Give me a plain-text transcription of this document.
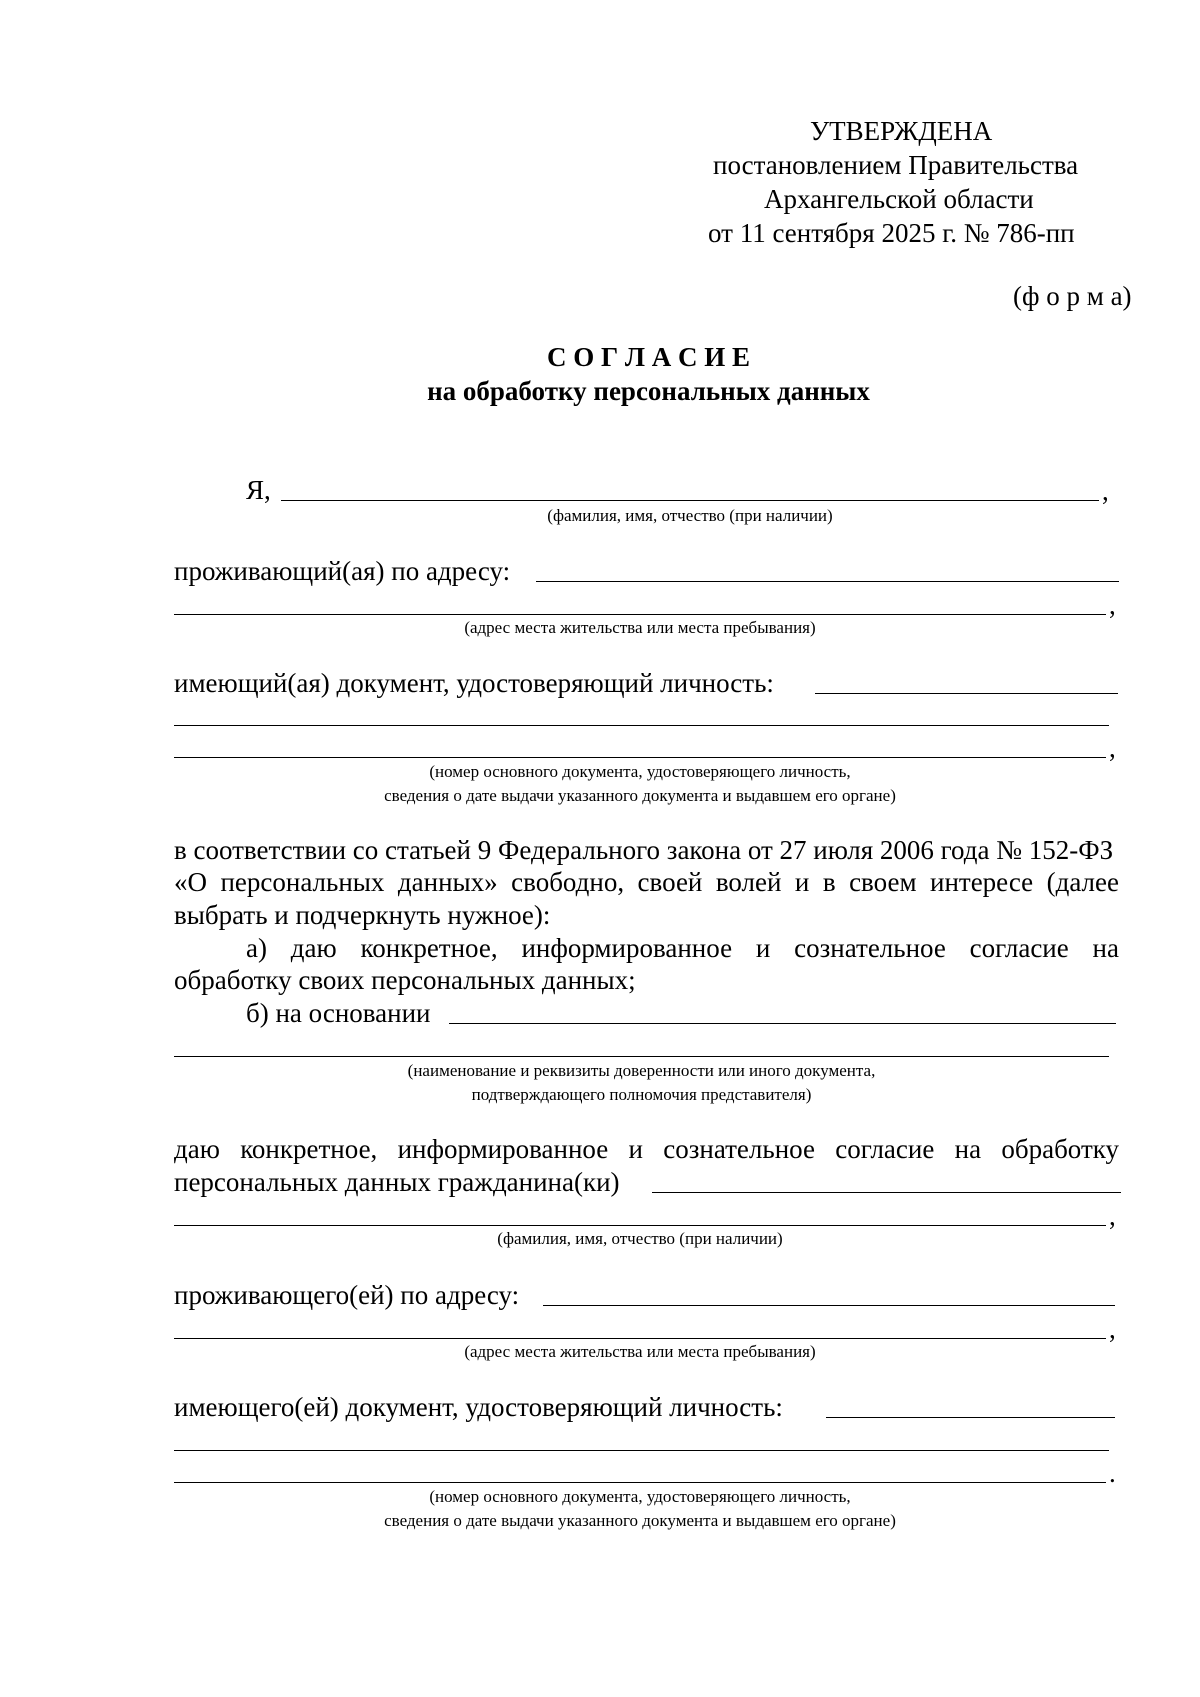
УТВЕРЖДЕНА
постановлением Правительства
Архангельской области
от 11 сентября 2025 г. № 786-пп
(ф о р м а)
С О Г Л А С И Е
на обработку персональных данных
Я,	,
(фамилия, имя, отчество (при наличии)
проживающий(ая) по адресу:
,
(адрес места жительства или места пребывания)
имеющий(ая) документ, удостоверяющий личность:
,
(номер основного документа, удостоверяющего личность,
сведения о дате выдачи указанного документа и выдавшем его органе)
в соответствии со статьей 9 Федерального закона от 27 июля 2006 года № 152-ФЗ
«О персональных данных» свободно, своей волей и в своем интересе (далее
выбрать и подчеркнуть нужное):
а) даю конкретное, информированное и сознательное согласие на
обработку своих персональных данных;
б) на основании
(наименование и реквизиты доверенности или иного документа,
подтверждающего полномочия представителя)
даю конкретное, информированное и сознательное согласие на обработку
персональных данных гражданина(ки)
,
(фамилия, имя, отчество (при наличии)
проживающего(ей) по адресу:
,
(адрес места жительства или места пребывания)
имеющего(ей) документ, удостоверяющий личность:
.
(номер основного документа, удостоверяющего личность,
сведения о дате выдачи указанного документа и выдавшем его органе)
